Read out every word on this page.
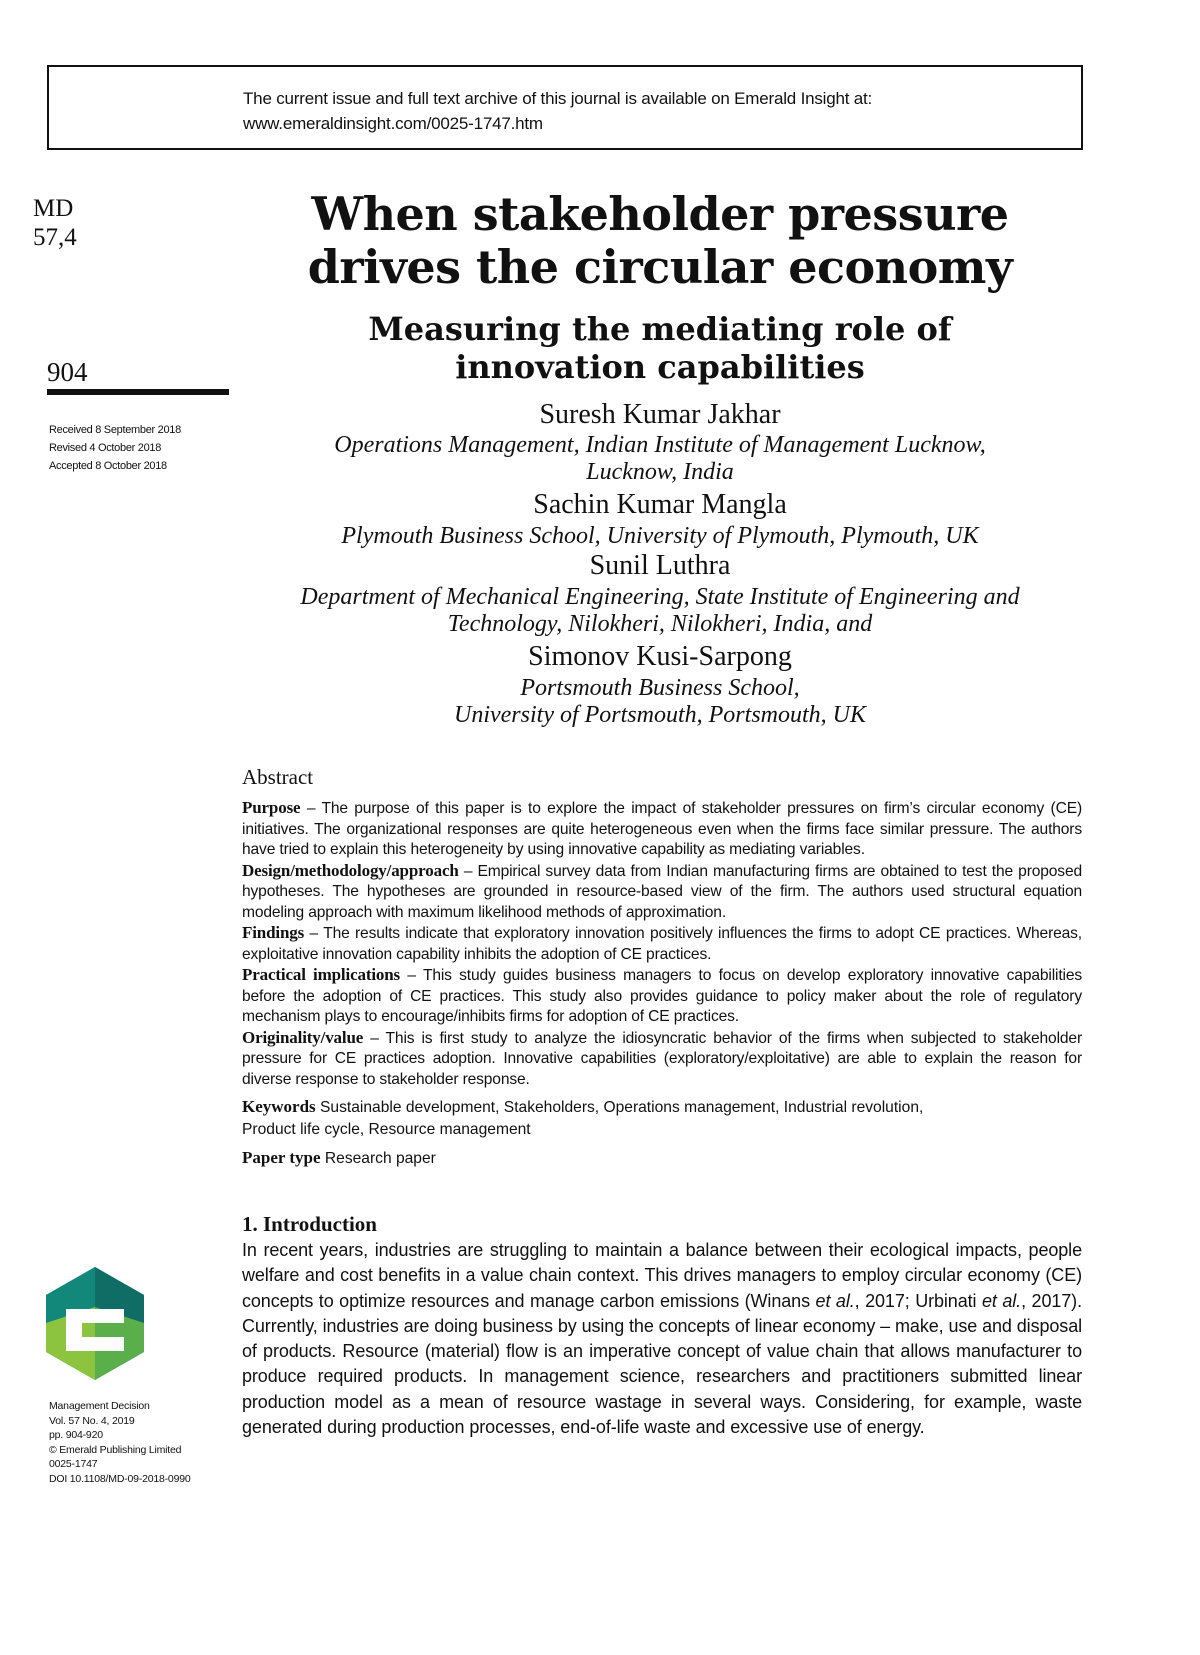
The current issue and full text archive of this journal is available on Emerald Insight at:
www.emeraldinsight.com/0025-1747.htm
MD
57,4
904
Received 8 September 2018
Revised 4 October 2018
Accepted 8 October 2018
When stakeholder pressure
drives the circular economy
Measuring the mediating role of
innovation capabilities
Suresh Kumar Jakhar
Operations Management, Indian Institute of Management Lucknow,
Lucknow, India
Sachin Kumar Mangla
Plymouth Business School, University of Plymouth, Plymouth, UK
Sunil Luthra
Department of Mechanical Engineering, State Institute of Engineering and
Technology, Nilokheri, Nilokheri, India, and
Simonov Kusi-Sarpong
Portsmouth Business School,
University of Portsmouth, Portsmouth, UK
Abstract

Purpose – The purpose of this paper is to explore the impact of stakeholder pressures on firm’s circular economy (CE) initiatives. The organizational responses are quite heterogeneous even when the firms face similar pressure. The authors have tried to explain this heterogeneity by using innovative capability as mediating variables.

Design/methodology/approach – Empirical survey data from Indian manufacturing firms are obtained to test the proposed hypotheses. The hypotheses are grounded in resource-based view of the firm. The authors used structural equation modeling approach with maximum likelihood methods of approximation.

Findings – The results indicate that exploratory innovation positively influences the firms to adopt CE practices. Whereas, exploitative innovation capability inhibits the adoption of CE practices.

Practical implications – This study guides business managers to focus on develop exploratory innovative capabilities before the adoption of CE practices. This study also provides guidance to policy maker about the role of regulatory mechanism plays to encourage/inhibits firms for adoption of CE practices.

Originality/value – This is first study to analyze the idiosyncratic behavior of the firms when subjected to stakeholder pressure for CE practices adoption. Innovative capabilities (exploratory/exploitative) are able to explain the reason for diverse response to stakeholder response.

Keywords Sustainable development, Stakeholders, Operations management, Industrial revolution,
Product life cycle, Resource management
Paper type Research paper
1. Introduction

In recent years, industries are struggling to maintain a balance between their ecological impacts, people welfare and cost benefits in a value chain context. This drives managers to employ circular economy (CE) concepts to optimize resources and manage carbon emissions (Winans et al., 2017; Urbinati et al., 2017). Currently, industries are doing business by using the concepts of linear economy – make, use and disposal of products. Resource (material) flow is an imperative concept of value chain that allows manufacturer to produce required products. In management science, researchers and practitioners submitted linear production model as a mean of resource wastage in several ways. Considering, for example, waste generated during production processes, end-of-life waste and excessive use of energy.

Management Decision
Vol. 57 No. 4, 2019
pp. 904-920
© Emerald Publishing Limited
0025-1747
DOI 10.1108/MD-09-2018-0990
